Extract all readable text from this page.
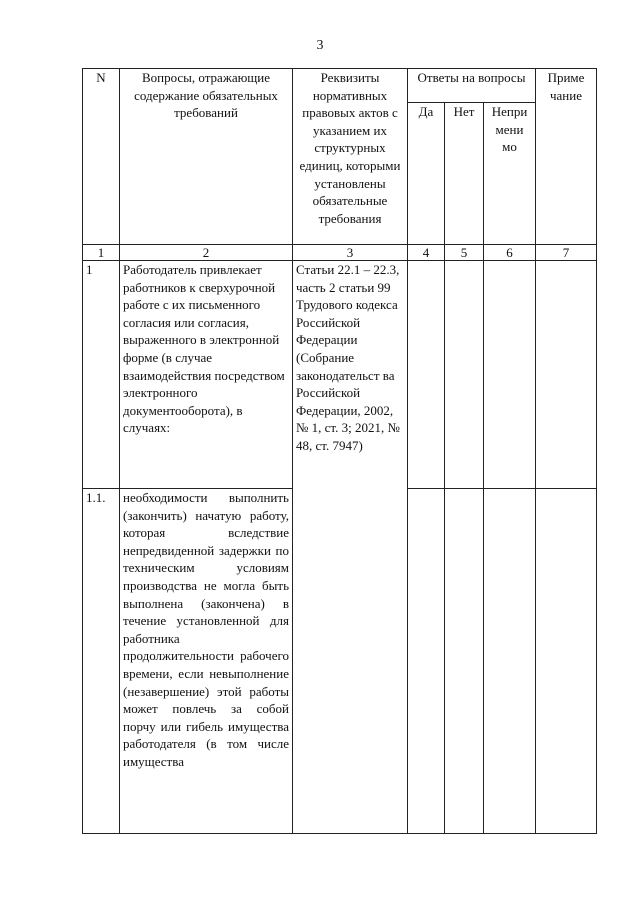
3
N	Вопросы, отражающие содержание обязательных требований	Реквизиты нормативных правовых актов с указанием их структурных единиц, которыми установлены обязательные требования	Ответы на вопросы			Приме чание
			Да	Нет	Непри мени мо	
1	2	3	4	5	6	7
1	Работодатель привлекает работников к сверхурочной работе с их письменного согласия или согласия, выраженного в электронной форме (в случае взаимодействия посредством электронного документооборота), в случаях:	Статьи 22.1 – 22.3, часть 2 статьи 99 Трудового кодекса Российской Федерации (Собрание законодательст ва Российской Федерации, 2002, № 1, ст. 3; 2021, № 48, ст. 7947)				
1.1.	необходимости выполнить (закончить) начатую работу, которая вследствие непредвиденной задержки по техническим условиям производства не могла быть выполнена (закончена) в течение установленной для работника продолжительности рабочего времени, если невыполнение (незавершение) этой работы может повлечь за собой порчу или гибель имущества работодателя (в том числе имущества					
